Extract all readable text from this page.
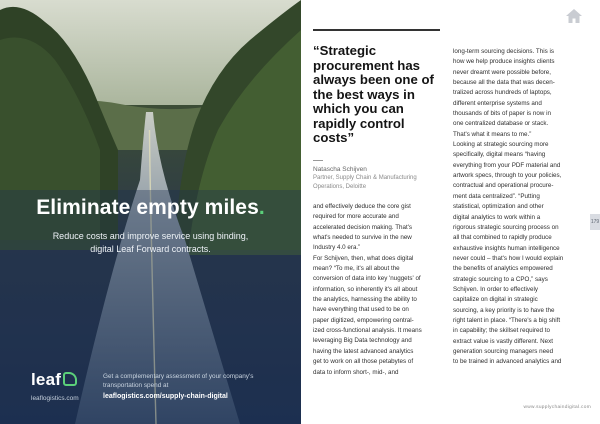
Eliminate empty miles.
Reduce costs and improve service using binding,
digital Leaf Forward contracts.
leaf
leaflogistics.com
Get a complementary assessment of your company's
transportation spend at
leaflogistics.com/supply-chain-digital
“Strategic procurement has always been one of the best ways in which you can rapidly control costs”
Natascha Schijven
Partner, Supply Chain & Manufacturing
Operations, Deloitte

and effectively deduce the core gist

required for more accurate and

accelerated decision making. That's

what's needed to survive in the new

Industry 4.0 era.”

For Schijven, then, what does digital

mean? “To me, it's all about the

conversion of data into key 'nuggets' of

information, so inherently it's all about

the analytics, harnessing the ability to

have everything that used to be on

paper digitized, empowering central-

ized cross-functional analysis. It means

leveraging Big Data technology and

having the latest advanced analytics

get to work on all those petabytes of

data to inform short-, mid-, and

long-term sourcing decisions. This is

how we help produce insights clients

never dreamt were possible before,

because all the data that was decen-

tralized across hundreds of laptops,

different enterprise systems and

thousands of bits of paper is now in

one centralized database or stack.

That's what it means to me.”

Looking at strategic sourcing more

specifically, digital means “having

everything from your PDF material and

artwork specs, through to your policies,

contractual and operational procure-

ment data centralized”. “Putting

statistical, optimization and other

digital analytics to work within a

rigorous strategic sourcing process on

all that combined to rapidly produce

exhaustive insights human intelligence

never could – that's how I would explain

the benefits of analytics empowered

strategic sourcing to a CPO,” says

Schijven. In order to effectively

capitalize on digital in strategic

sourcing, a key priority is to have the

right talent in place. “There's a big shift

in capability; the skillset required to

extract value is vastly different. Next

generation sourcing managers need

to be trained in advanced analytics and

179
www.supplychaindigital.com
